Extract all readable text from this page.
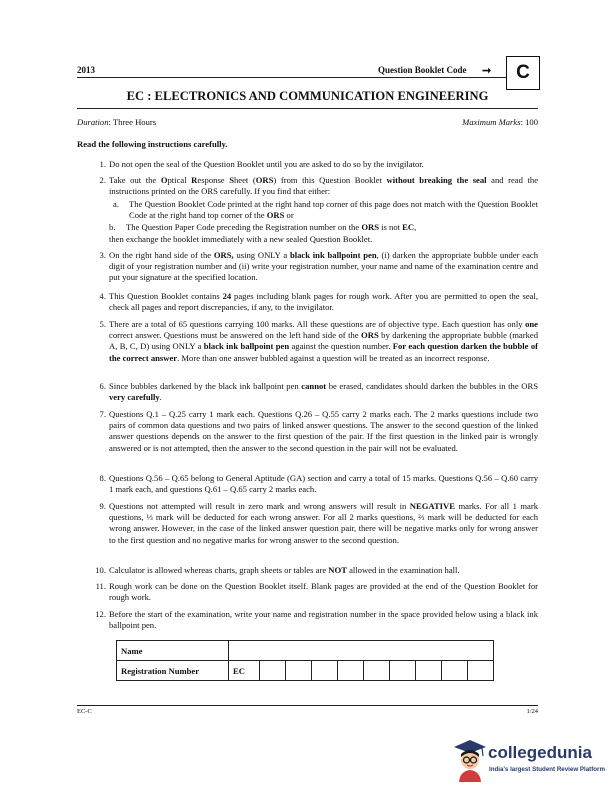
2013	Question Booklet Code ➞	C
EC : ELECTRONICS AND COMMUNICATION ENGINEERING
Duration: Three Hours	Maximum Marks: 100
Read the following instructions carefully.
1. Do not open the seal of the Question Booklet until you are asked to do so by the invigilator.
2. Take out the Optical Response Sheet (ORS) from this Question Booklet without breaking the seal and read the instructions printed on the ORS carefully. If you find that either:
a. The Question Booklet Code printed at the right hand top corner of this page does not match with the Question Booklet Code at the right hand top corner of the ORS or
b.	The Question Paper Code preceding the Registration number on the ORS is not EC,
then exchange the booklet immediately with a new sealed Question Booklet.
3. On the right hand side of the ORS, using ONLY a black ink ballpoint pen, (i) darken the appropriate bubble under each digit of your registration number and (ii) write your registration number, your name and name of the examination centre and put your signature at the specified location.
4. This Question Booklet contains 24 pages including blank pages for rough work. After you are permitted to open the seal, check all pages and report discrepancies, if any, to the invigilator.
5. There are a total of 65 questions carrying 100 marks. All these questions are of objective type. Each question has only one correct answer. Questions must be answered on the left hand side of the ORS by darkening the appropriate bubble (marked A, B, C, D) using ONLY a black ink ballpoint pen against the question number. For each question darken the bubble of the correct answer. More than one answer bubbled against a question will be treated as an incorrect response.
6. Since bubbles darkened by the black ink ballpoint pen cannot be erased, candidates should darken the bubbles in the ORS very carefully.
7. Questions Q.1 – Q.25 carry 1 mark each. Questions Q.26 – Q.55 carry 2 marks each. The 2 marks questions include two pairs of common data questions and two pairs of linked answer questions. The answer to the second question of the linked answer questions depends on the answer to the first question of the pair. If the first question in the linked pair is wrongly answered or is not attempted, then the answer to the second question in the pair will not be evaluated.
8. Questions Q.56 – Q.65 belong to General Aptitude (GA) section and carry a total of 15 marks. Questions Q.56 – Q.60 carry 1 mark each, and questions Q.61 – Q.65 carry 2 marks each.
9. Questions not attempted will result in zero mark and wrong answers will result in NEGATIVE marks. For all 1 mark questions, ⅓ mark will be deducted for each wrong answer. For all 2 marks questions, ⅔ mark will be deducted for each wrong answer. However, in the case of the linked answer question pair, there will be negative marks only for wrong answer to the first question and no negative marks for wrong answer to the second question.
10. Calculator is allowed whereas charts, graph sheets or tables are NOT allowed in the examination hall.
11. Rough work can be done on the Question Booklet itself. Blank pages are provided at the end of the Question Booklet for rough work.
12. Before the start of the examination, write your name and registration number in the space provided below using a black ink ballpoint pen.
Name										
Registration Number	EC									
EC-C	1/24
collegedunia
India's largest Student Review Platform
